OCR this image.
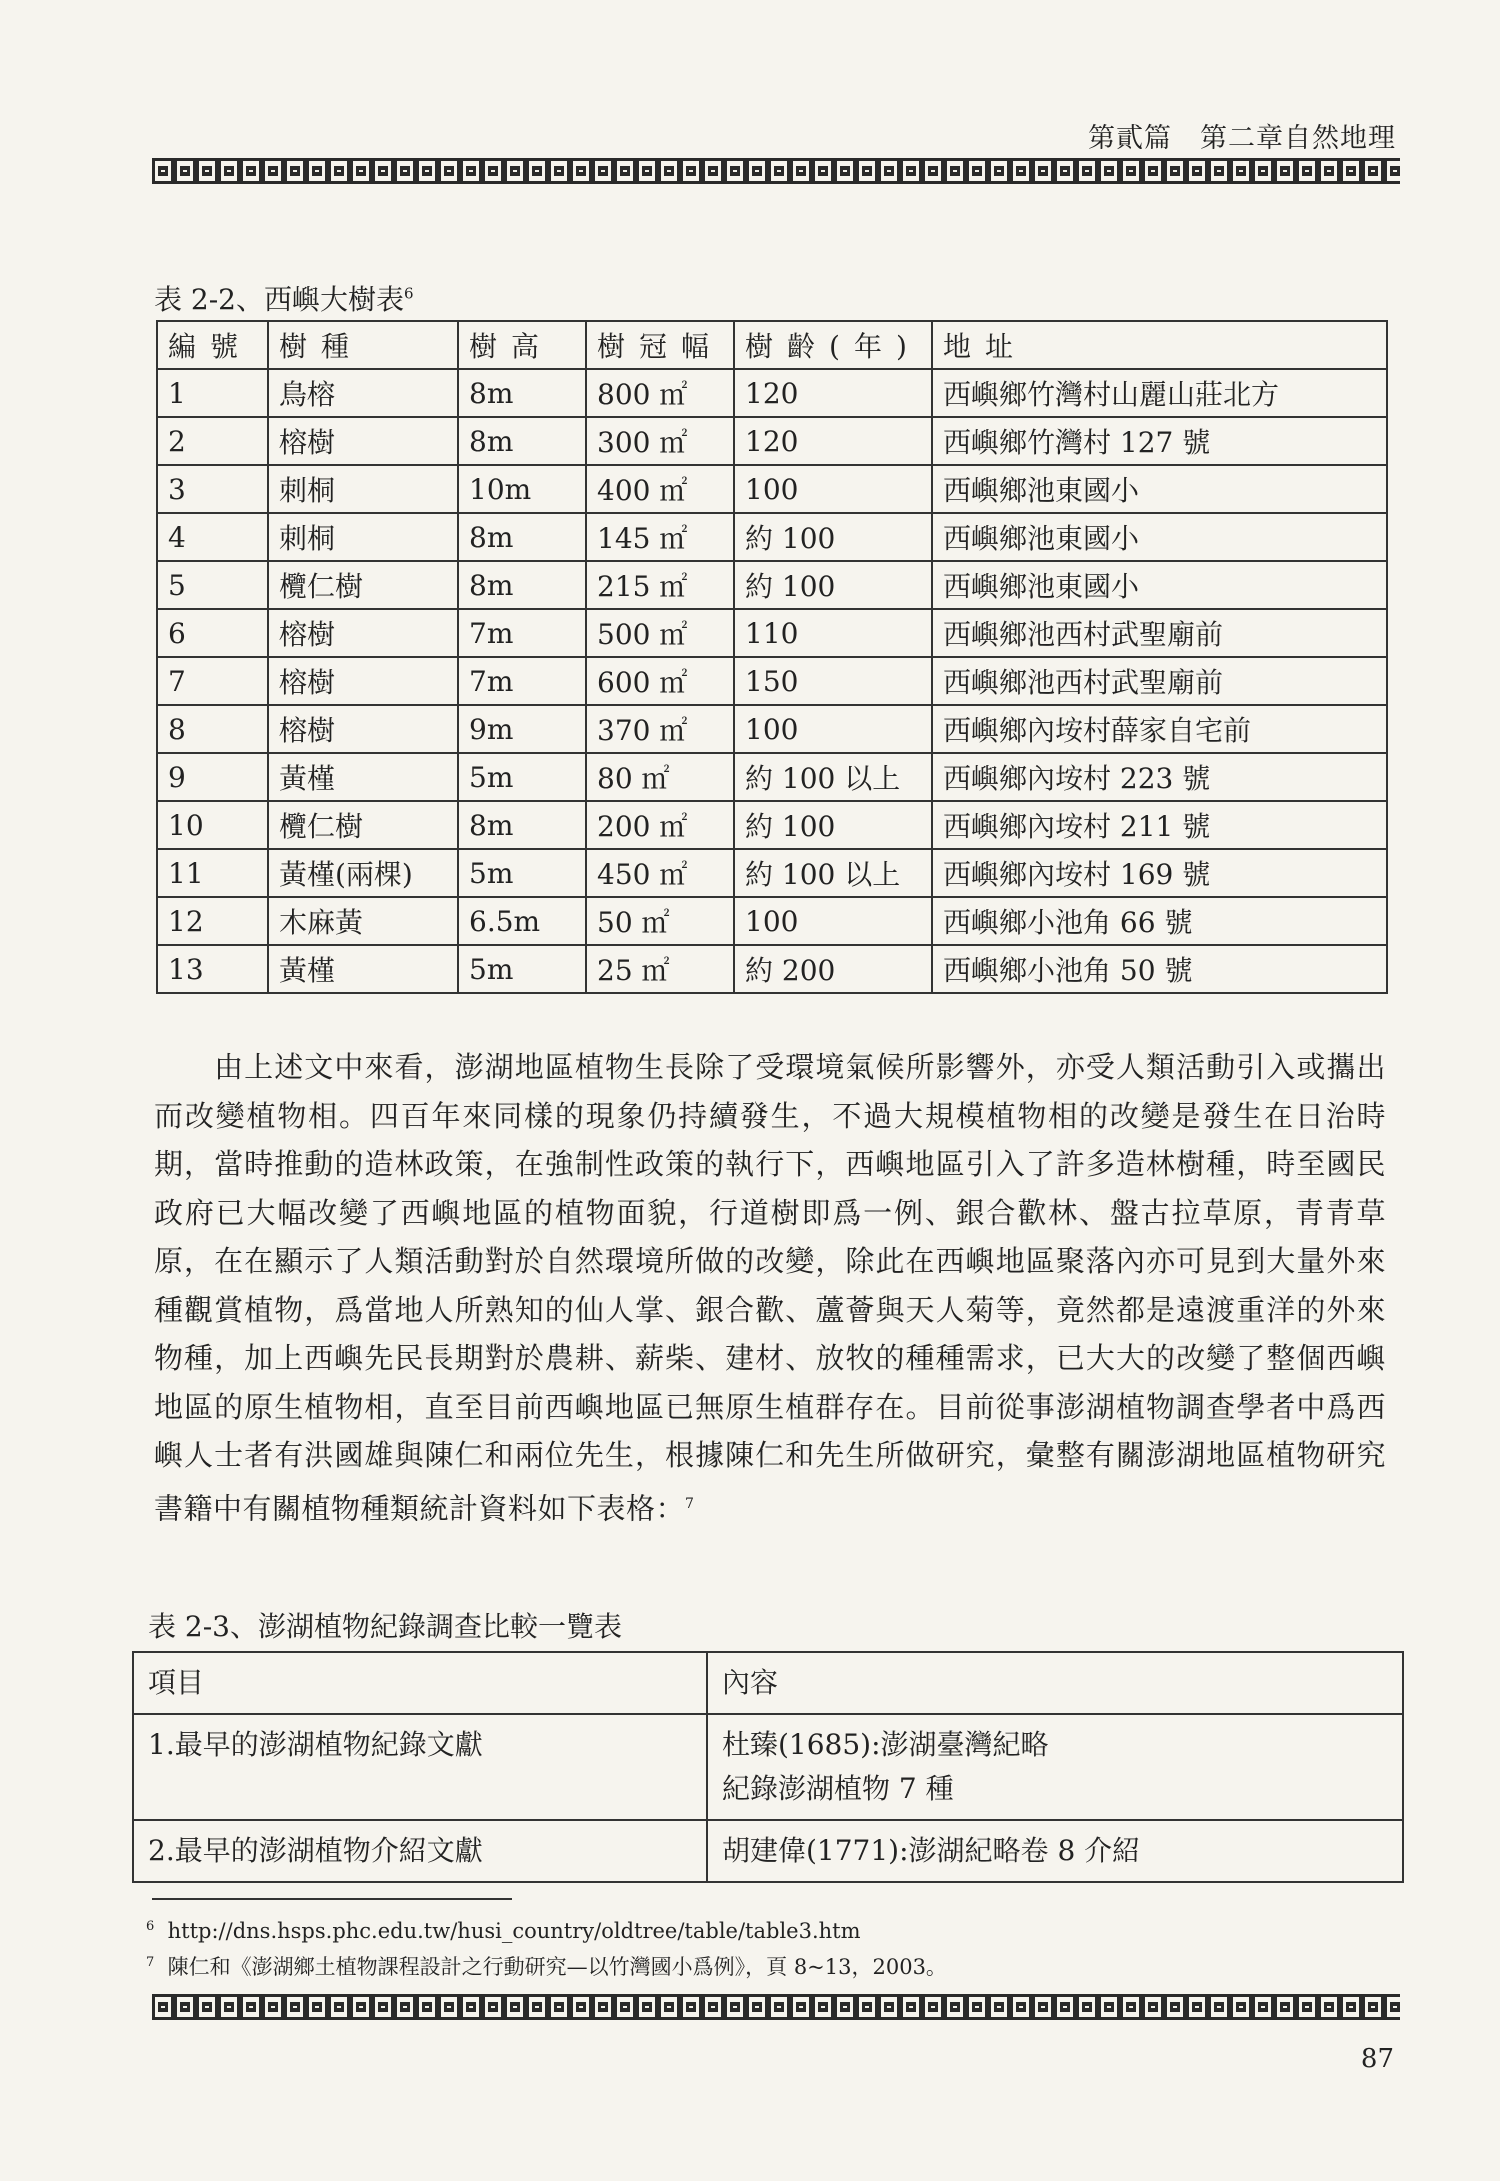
第貳篇　第二章自然地理
表 2-2、西嶼大樹表$^6$
編號	樹種	樹高	樹冠幅	樹齡(年)	地址
1	鳥榕	8m	800 ㎡	120	西嶼鄉竹灣村山麗山莊北方
2	榕樹	8m	300 ㎡	120	西嶼鄉竹灣村 127 號
3	刺桐	10m	400 ㎡	100	西嶼鄉池東國小
4	刺桐	8m	145 ㎡	約 100	西嶼鄉池東國小
5	欖仁樹	8m	215 ㎡	約 100	西嶼鄉池東國小
6	榕樹	7m	500 ㎡	110	西嶼鄉池西村武聖廟前
7	榕樹	7m	600 ㎡	150	西嶼鄉池西村武聖廟前
8	榕樹	9m	370 ㎡	100	西嶼鄉內垵村薛家自宅前
9	黃槿	5m	80 ㎡	約 100 以上	西嶼鄉內垵村 223 號
10	欖仁樹	8m	200 ㎡	約 100	西嶼鄉內垵村 211 號
11	黃槿(兩棵)	5m	450 ㎡	約 100 以上	西嶼鄉內垵村 169 號
12	木麻黃	6.5m	50 ㎡	100	西嶼鄉小池角 66 號
13	黃槿	5m	25 ㎡	約 200	西嶼鄉小池角 50 號
　　由上述文中來看，澎湖地區植物生長除了受環境氣候所影響外，亦受人類活動引入或攜出而改變植物相。四百年來同樣的現象仍持續發生，不過大規模植物相的改變是發生在日治時期，當時推動的造林政策，在強制性政策的執行下，西嶼地區引入了許多造林樹種，時至國民政府已大幅改變了西嶼地區的植物面貌，行道樹即爲一例、銀合歡林、盤古拉草原，青青草原，在在顯示了人類活動對於自然環境所做的改變，除此在西嶼地區聚落內亦可見到大量外來種觀賞植物，爲當地人所熟知的仙人掌、銀合歡、蘆薈與天人菊等，竟然都是遠渡重洋的外來物種，加上西嶼先民長期對於農耕、薪柴、建材、放牧的種種需求，已大大的改變了整個西嶼地區的原生植物相，直至目前西嶼地區已無原生植群存在。目前從事澎湖植物調查學者中爲西嶼人士者有洪國雄與陳仁和兩位先生，根據陳仁和先生所做研究，彙整有關澎湖地區植物研究書籍中有關植物種類統計資料如下表格：$^7$
表 2-3、澎湖植物紀錄調查比較一覽表
項目	內容
1.最早的澎湖植物紀錄文獻	杜臻(1685):澎湖臺灣紀略
紀錄澎湖植物 7 種

2.最早的澎湖植物介紹文獻	胡建偉(1771):澎湖紀略卷 8 介紹
$^6$ http://dns.hsps.phc.edu.tw/husi_country/oldtree/table/table3.htm
$^7$ 陳仁和《澎湖鄉土植物課程設計之行動研究—以竹灣國小爲例》，頁 8~13，2003。
87
